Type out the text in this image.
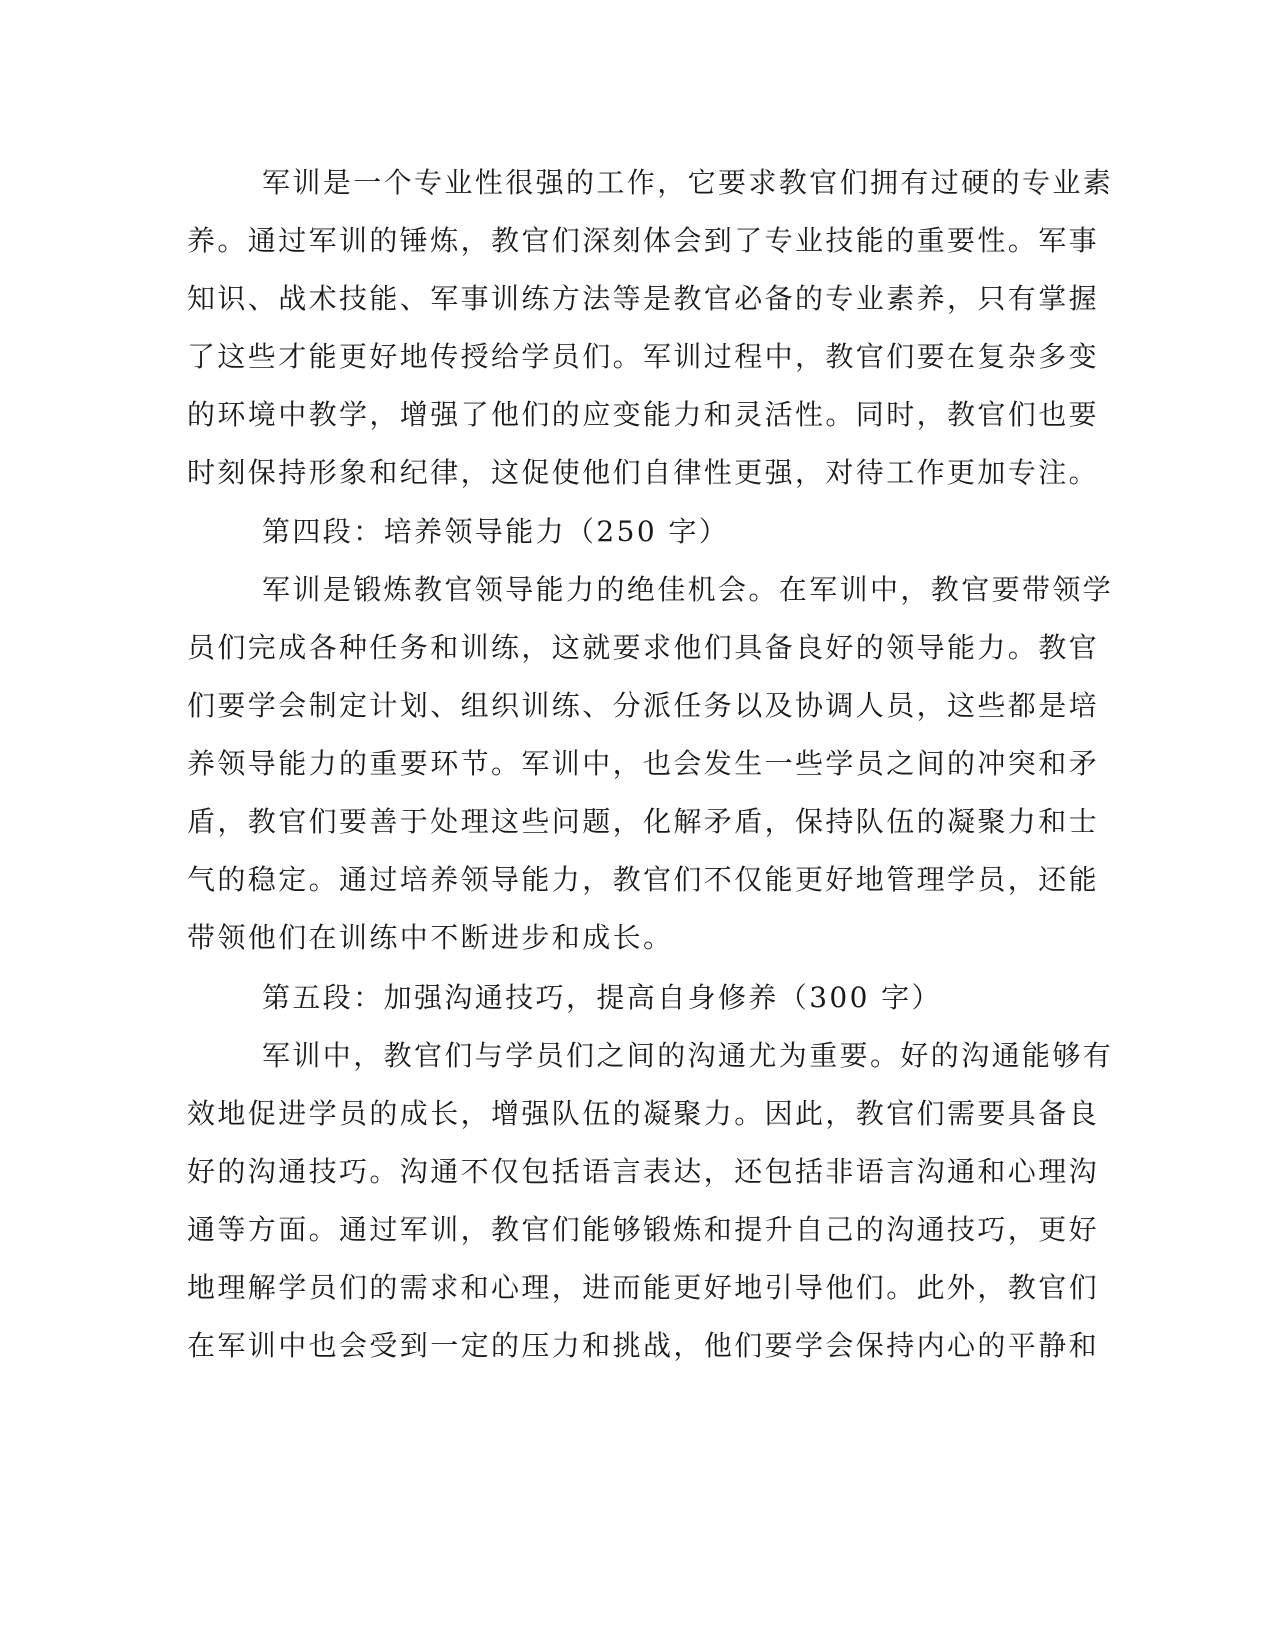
军训是一个专业性很强的工作，它要求教官们拥有过硬的专业素
养。通过军训的锤炼，教官们深刻体会到了专业技能的重要性。军事
知识、战术技能、军事训练方法等是教官必备的专业素养，只有掌握
了这些才能更好地传授给学员们。军训过程中，教官们要在复杂多变
的环境中教学，增强了他们的应变能力和灵活性。同时，教官们也要
时刻保持形象和纪律，这促使他们自律性更强，对待工作更加专注。
第四段：培养领导能力（250 字）
军训是锻炼教官领导能力的绝佳机会。在军训中，教官要带领学
员们完成各种任务和训练，这就要求他们具备良好的领导能力。教官
们要学会制定计划、组织训练、分派任务以及协调人员，这些都是培
养领导能力的重要环节。军训中，也会发生一些学员之间的冲突和矛
盾，教官们要善于处理这些问题，化解矛盾，保持队伍的凝聚力和士
气的稳定。通过培养领导能力，教官们不仅能更好地管理学员，还能
带领他们在训练中不断进步和成长。
第五段：加强沟通技巧，提高自身修养（300 字）
军训中，教官们与学员们之间的沟通尤为重要。好的沟通能够有
效地促进学员的成长，增强队伍的凝聚力。因此，教官们需要具备良
好的沟通技巧。沟通不仅包括语言表达，还包括非语言沟通和心理沟
通等方面。通过军训，教官们能够锻炼和提升自己的沟通技巧，更好
地理解学员们的需求和心理，进而能更好地引导他们。此外，教官们
在军训中也会受到一定的压力和挑战，他们要学会保持内心的平静和
